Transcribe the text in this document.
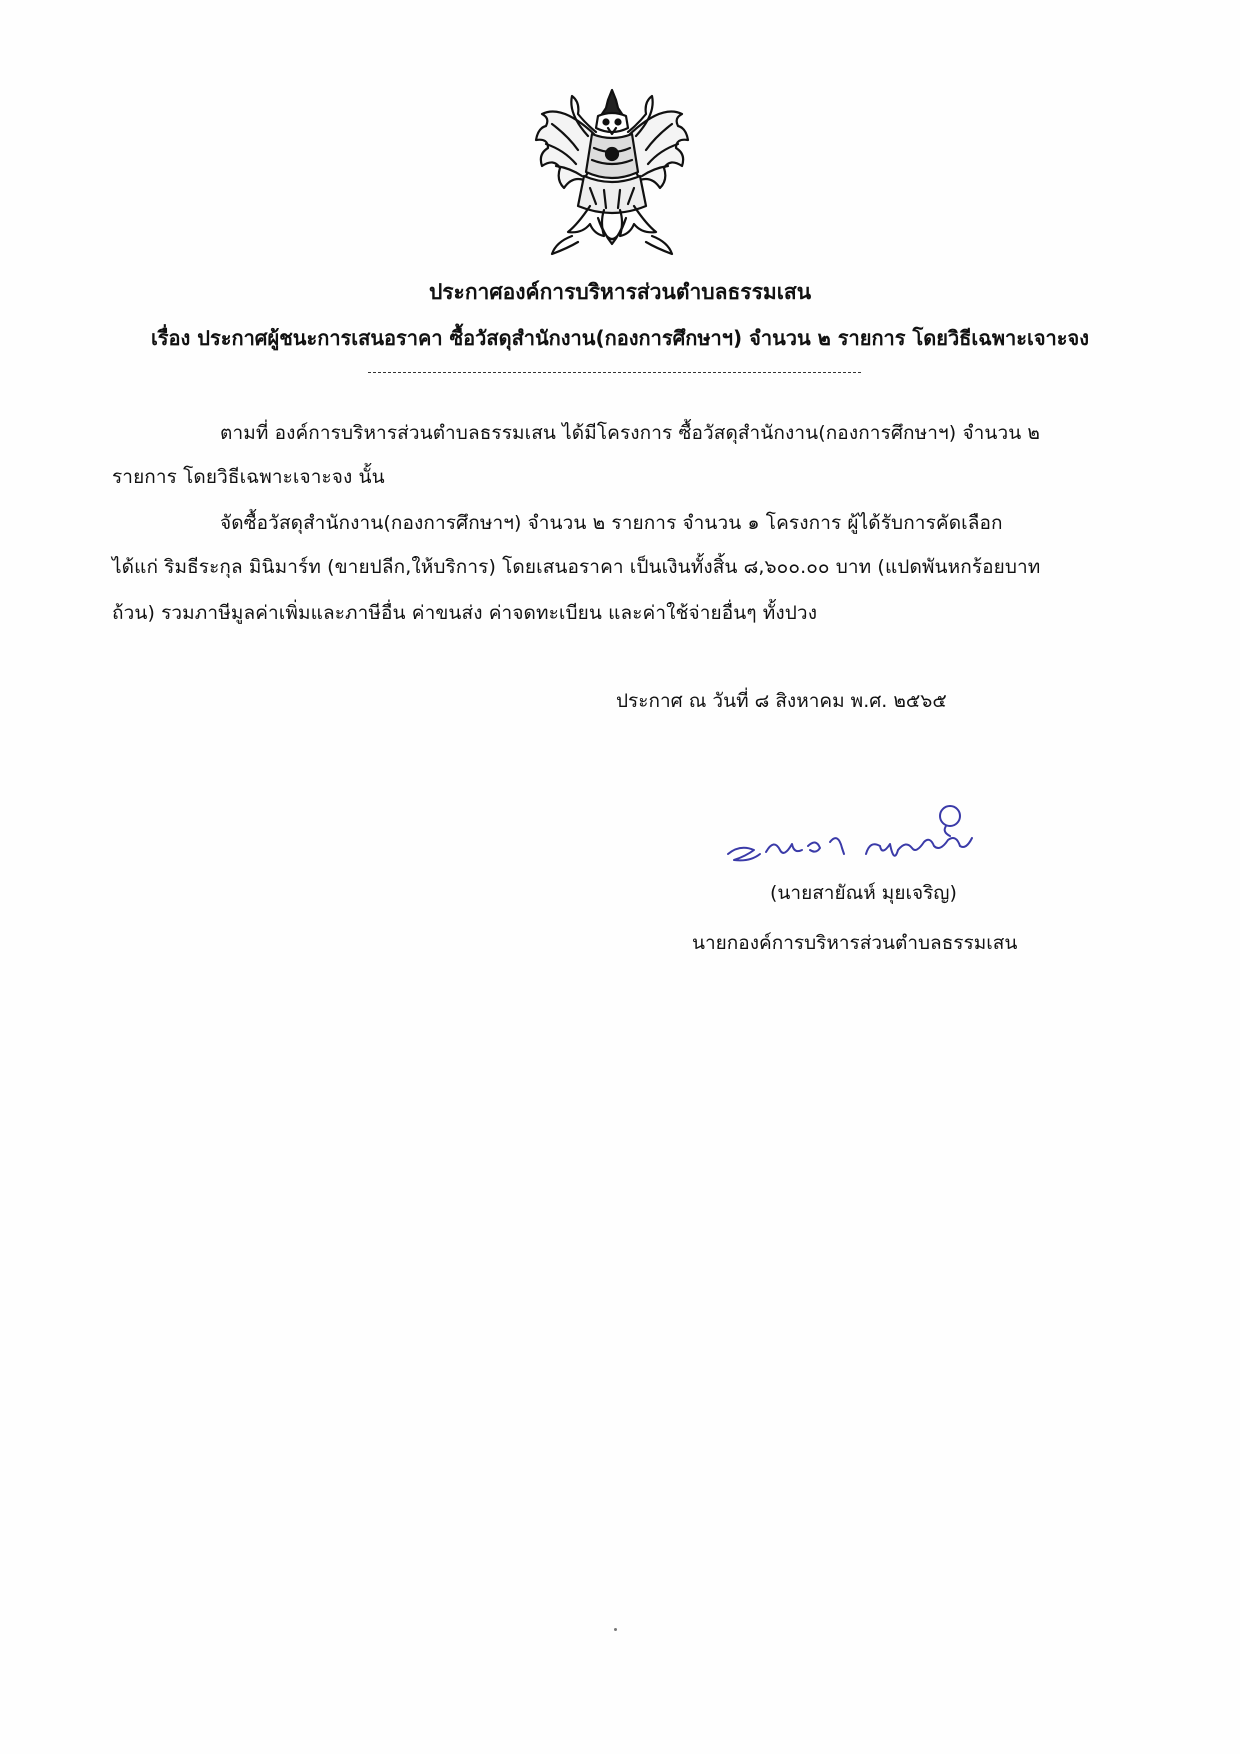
ประกาศองค์การบริหารส่วนตำบลธรรมเสน
เรื่อง ประกาศผู้ชนะการเสนอราคา ซื้อวัสดุสำนักงาน(กองการศึกษาฯ) จำนวน ๒ รายการ โดยวิธีเฉพาะเจาะจง
ตามที่ องค์การบริหารส่วนตำบลธรรมเสน ได้มีโครงการ ซื้อวัสดุสำนักงาน(กองการศึกษาฯ) จำนวน ๒
รายการ โดยวิธีเฉพาะเจาะจง นั้น
จัดซื้อวัสดุสำนักงาน(กองการศึกษาฯ) จำนวน ๒ รายการ จำนวน ๑ โครงการ ผู้ได้รับการคัดเลือก
ได้แก่ ริมธีระกุล มินิมาร์ท (ขายปลีก,ให้บริการ) โดยเสนอราคา เป็นเงินทั้งสิ้น ๘,๖๐๐.๐๐ บาท (แปดพันหกร้อยบาท
ถ้วน) รวมภาษีมูลค่าเพิ่มและภาษีอื่น ค่าขนส่ง ค่าจดทะเบียน และค่าใช้จ่ายอื่นๆ ทั้งปวง
ประกาศ ณ วันที่ ๘ สิงหาคม พ.ศ. ๒๕๖๕
(นายสายัณห์ มุยเจริญ)
นายกองค์การบริหารส่วนตำบลธรรมเสน
